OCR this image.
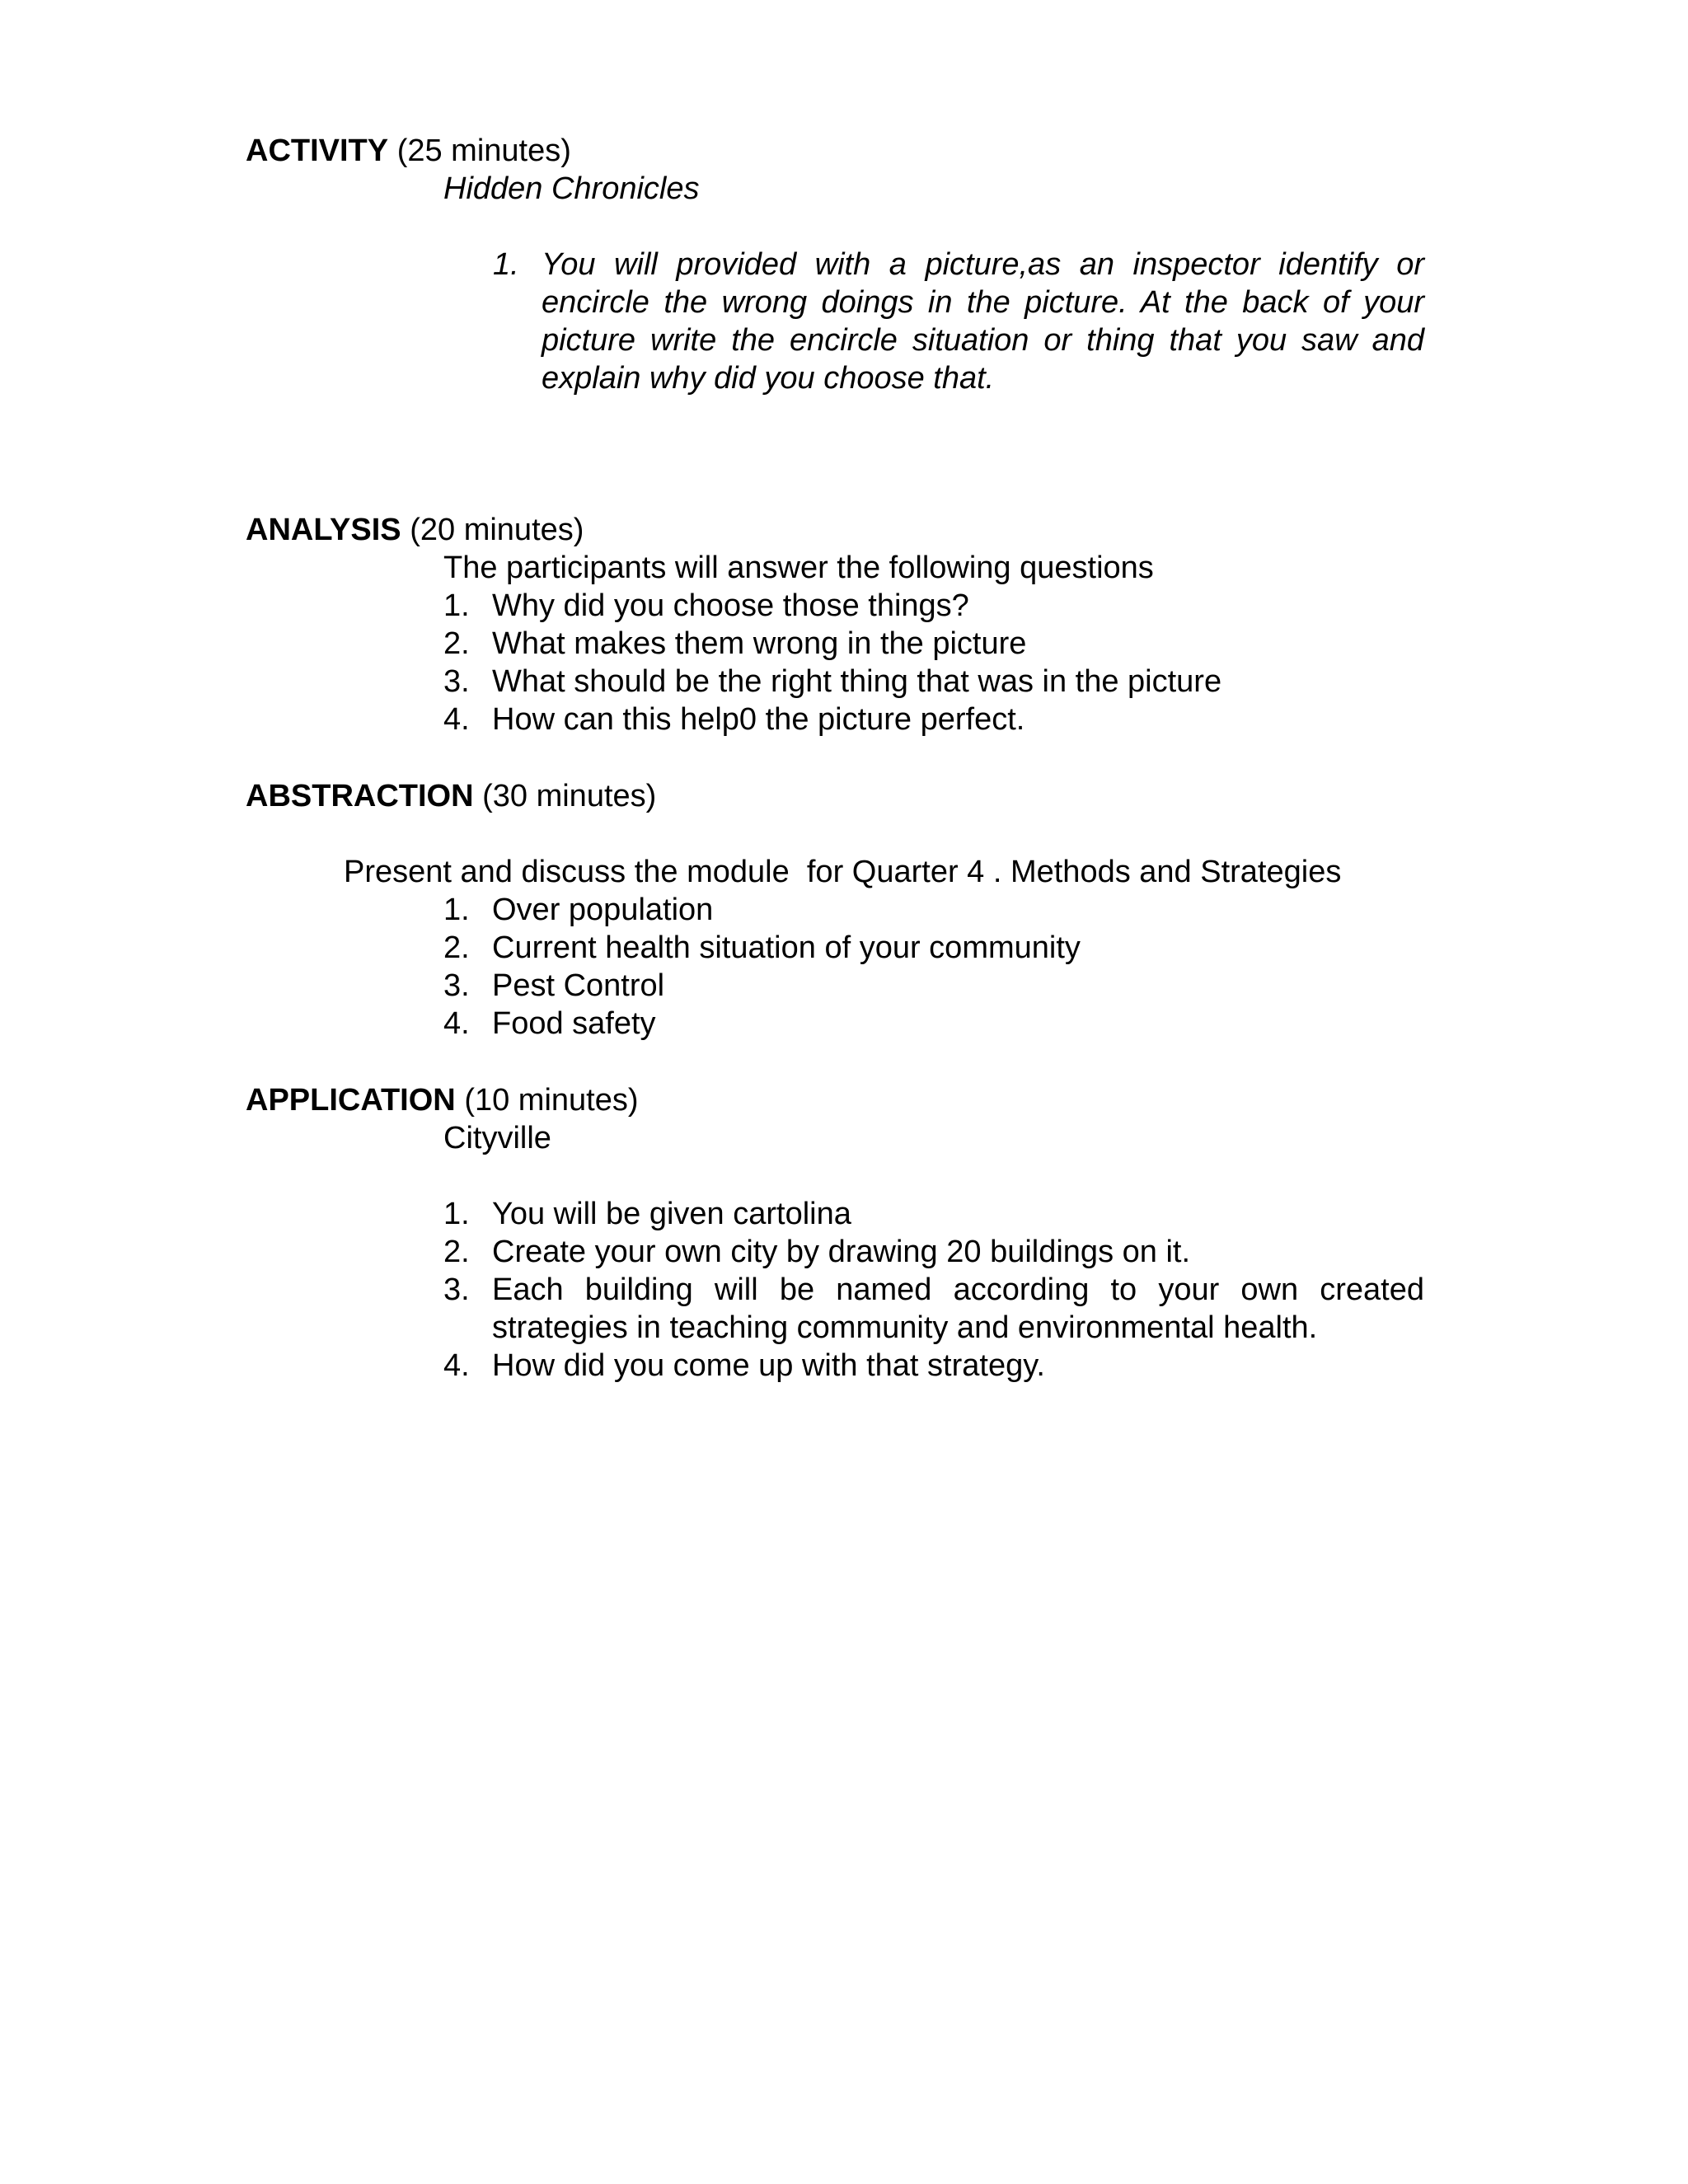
ACTIVITY (25 minutes)
Hidden Chronicles
1. You will provided with a picture,as an inspector identify or
encircle the wrong doings in the picture. At the back of your
picture write the encircle situation or thing that you saw and
explain why did you choose that.
ANALYSIS (20 minutes)
The participants will answer the following questions
1. Why did you choose those things?
2. What makes them wrong in the picture
3. What should be the right thing that was in the picture
4. How can this help0 the picture perfect.
ABSTRACTION (30 minutes)
Present and discuss the module  for Quarter 4 . Methods and Strategies
1. Over population
2. Current health situation of your community
3. Pest Control
4. Food safety
APPLICATION (10 minutes)
Cityville
1. You will be given cartolina
2. Create your own city by drawing 20 buildings on it.
3. Each building will be named according to your own created
strategies in teaching community and environmental health.
4. How did you come up with that strategy.
